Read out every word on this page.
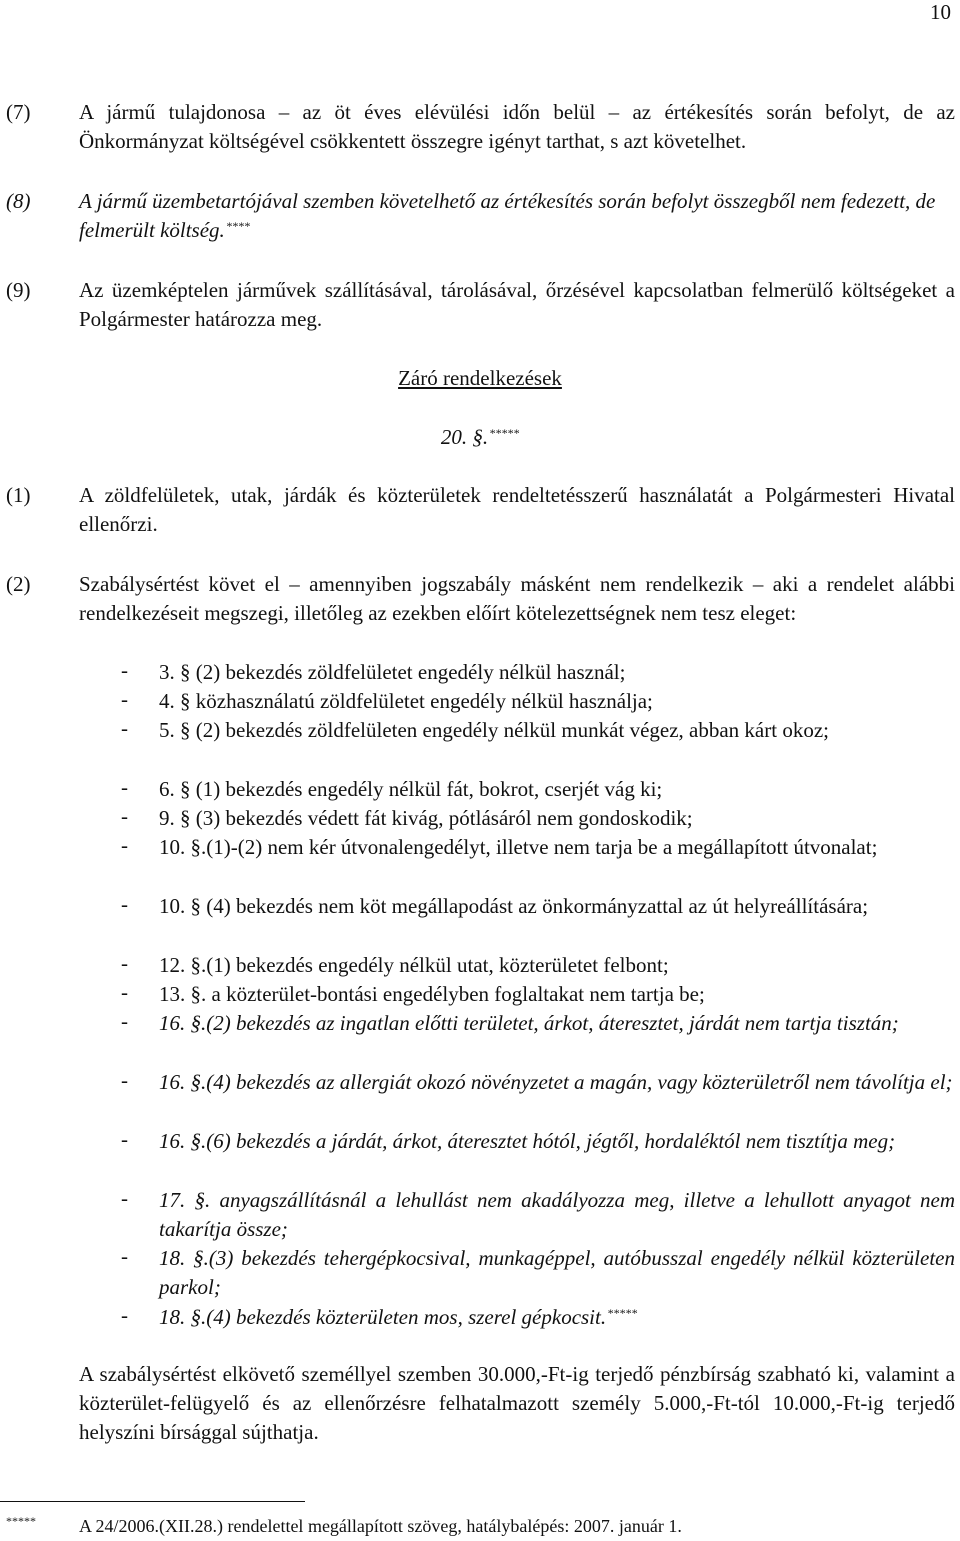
10
(7) A jármű tulajdonosa – az öt éves elévülési időn belül – az értékesítés során befolyt, de az Önkormányzat költségével csökkentett összegre igényt tarthat, s azt követelhet.
(8) A jármű üzembetartójával szemben követelhető az értékesítés során befolyt összegből nem fedezett, de felmerült költség.****
(9) Az üzemképtelen járművek szállításával, tárolásával, őrzésével kapcsolatban felmerülő költségeket a Polgármester határozza meg.
Záró rendelkezések
20. §.*****
(1) A zöldfelületek, utak, járdák és közterületek rendeltetésszerű használatát a Polgármesteri Hivatal ellenőrzi.
(2) Szabálysértést követ el – amennyiben jogszabály másként nem rendelkezik – aki a rendelet alábbi rendelkezéseit megszegi, illetőleg az ezekben előírt kötelezettségnek nem tesz eleget:
- 3. § (2) bekezdés zöldfelületet engedély nélkül használ;
- 4. § közhasználatú zöldfelületet engedély nélkül használja;
- 5. § (2) bekezdés zöldfelületen engedély nélkül munkát végez, abban kárt okoz;
- 6. § (1) bekezdés engedély nélkül fát, bokrot, cserjét vág ki;
- 9. § (3) bekezdés védett fát kivág, pótlásáról nem gondoskodik;
- 10. §.(1)-(2) nem kér útvonalengedélyt, illetve nem tarja be a megállapított útvonalat;
- 10. § (4) bekezdés nem köt megállapodást az önkormányzattal az út helyreállítására;
- 12. §.(1) bekezdés engedély nélkül utat, közterületet felbont;
- 13. §. a közterület-bontási engedélyben foglaltakat nem tartja be;
- 16. §.(2) bekezdés az ingatlan előtti területet, árkot, áteresztet, járdát nem tartja tisztán;
- 16. §.(4) bekezdés az allergiát okozó növényzetet a magán, vagy közterületről nem távolítja el;
- 16. §.(6) bekezdés a járdát, árkot, áteresztet hótól, jégtől, hordaléktól nem tisztítja meg;
- 17. §. anyagszállításnál a lehullást nem akadályozza meg, illetve a lehullott anyagot nem takarítja össze;
- 18. §.(3) bekezdés tehergépkocsival, munkagéppel, autóbusszal engedély nélkül közterületen parkol;
- 18. §.(4) bekezdés közterületen mos, szerel gépkocsit.*****
A szabálysértést elkövető személlyel szemben 30.000,-Ft-ig terjedő pénzbírság szabható ki, valamint a közterület-felügyelő és az ellenőrzésre felhatalmazott személy 5.000,-Ft-tól 10.000,-Ft-ig terjedő helyszíni bírsággal sújthatja.
***** A 24/2006.(XII.28.) rendelettel megállapított szöveg, hatálybalépés: 2007. január 1.
